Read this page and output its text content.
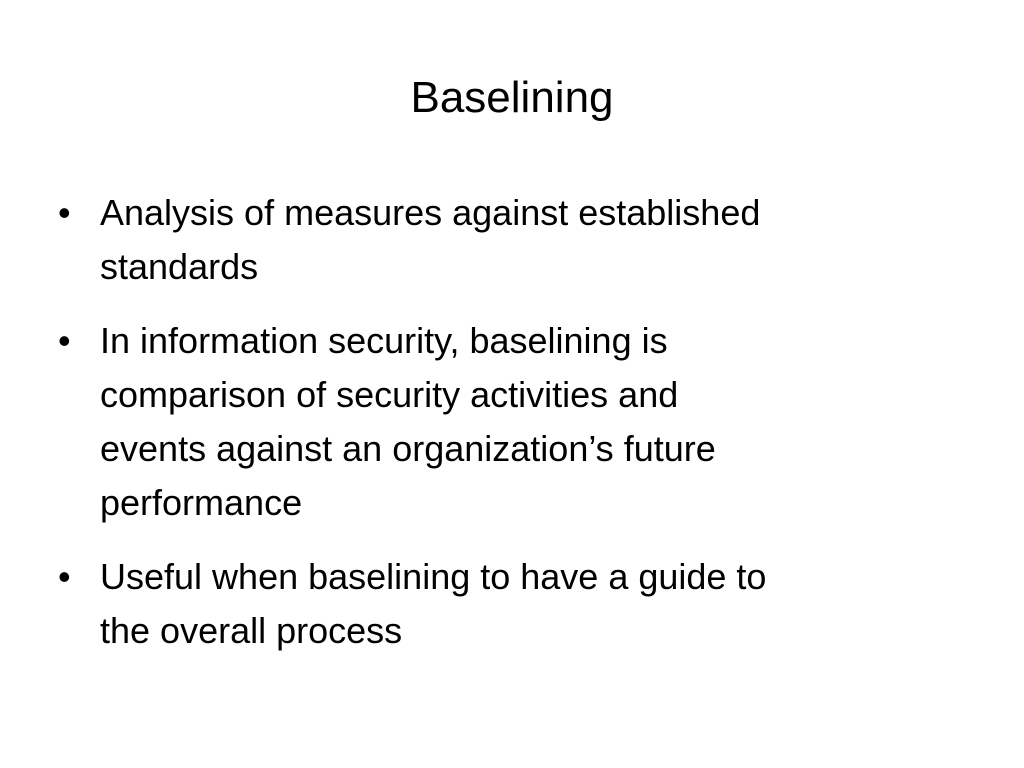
Baselining
• Analysis of measures against established
standards
• In information security, baselining is
comparison of security activities and
events against an organization’s future
performance
• Useful when baselining to have a guide to
the overall process
